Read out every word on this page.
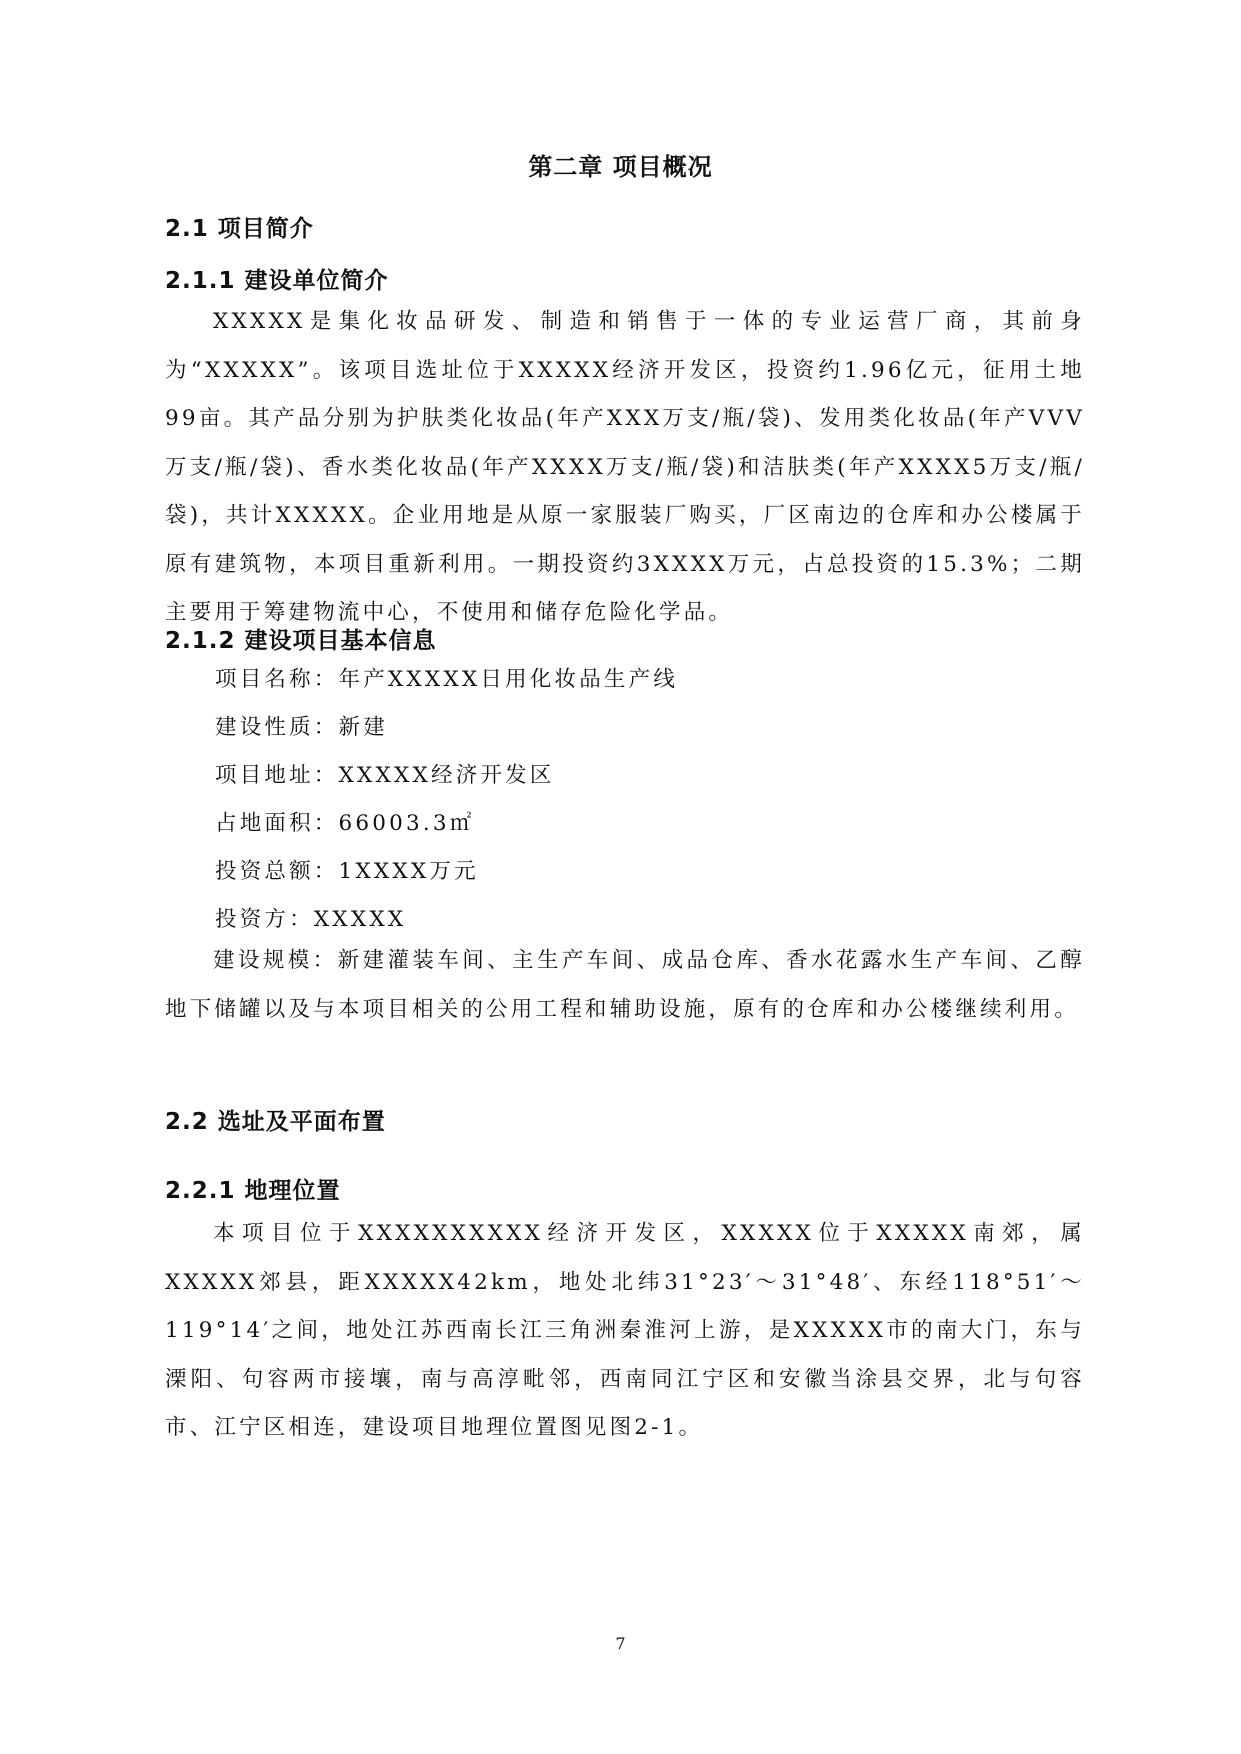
第二章 项目概况
2.1 项目简介
2.1.1 建设单位简介

XXXXX是集化妆品研发、制造和销售于一体的专业运营厂商，其前身为“XXXXX”。该项目选址位于XXXXX经济开发区，投资约1.96亿元，征用土地99亩。其产品分别为护肤类化妆品(年产XXX万支/瓶/袋)、发用类化妆品(年产VVV万支/瓶/袋)、香水类化妆品(年产XXXX万支/瓶/袋)和洁肤类(年产XXXX5万支/瓶/袋)，共计XXXXX。企业用地是从原一家服装厂购买，厂区南边的仓库和办公楼属于原有建筑物，本项目重新利用。一期投资约3XXXX万元，占总投资的15.3%；二期主要用于筹建物流中心，不使用和储存危险化学品。

2.1.2 建设项目基本信息
项目名称：年产XXXXX日用化妆品生产线
建设性质：新建
项目地址：XXXXX经济开发区
占地面积：66003.3㎡
投资总额：1XXXX万元
投资方：XXXXX

建设规模：新建灌装车间、主生产车间、成品仓库、香水花露水生产车间、乙醇地下储罐以及与本项目相关的公用工程和辅助设施，原有的仓库和办公楼继续利用。

2.2 选址及平面布置
2.2.1 地理位置

本项目位于XXXXXXXXXX经济开发区，XXXXX位于XXXXX南郊，属XXXXX郊县，距XXXXX42km，地处北纬31°23′～31°48′、东经118°51′～119°14′之间，地处江苏西南长江三角洲秦淮河上游，是XXXXX市的南大门，东与溧阳、句容两市接壤，南与高淳毗邻，西南同江宁区和安徽当涂县交界，北与句容市、江宁区相连，建设项目地理位置图见图2-1。

7
